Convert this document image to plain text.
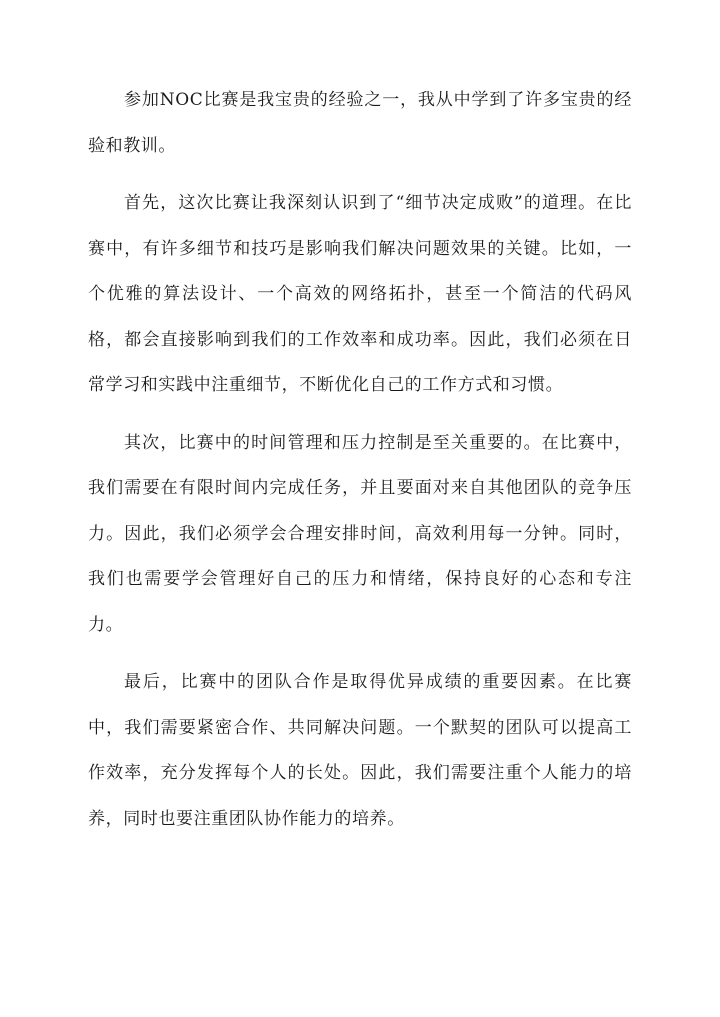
参加NOC比赛是我宝贵的经验之一，我从中学到了许多宝贵的经验和教训。

首先，这次比赛让我深刻认识到了“细节决定成败”的道理。在比赛中，有许多细节和技巧是影响我们解决问题效果的关键。比如，一个优雅的算法设计、一个高效的网络拓扑，甚至一个简洁的代码风格，都会直接影响到我们的工作效率和成功率。因此，我们必须在日常学习和实践中注重细节，不断优化自己的工作方式和习惯。

其次，比赛中的时间管理和压力控制是至关重要的。在比赛中，我们需要在有限时间内完成任务，并且要面对来自其他团队的竞争压力。因此，我们必须学会合理安排时间，高效利用每一分钟。同时，我们也需要学会管理好自己的压力和情绪，保持良好的心态和专注力。

最后，比赛中的团队合作是取得优异成绩的重要因素。在比赛中，我们需要紧密合作、共同解决问题。一个默契的团队可以提高工作效率，充分发挥每个人的长处。因此，我们需要注重个人能力的培养，同时也要注重团队协作能力的培养。
